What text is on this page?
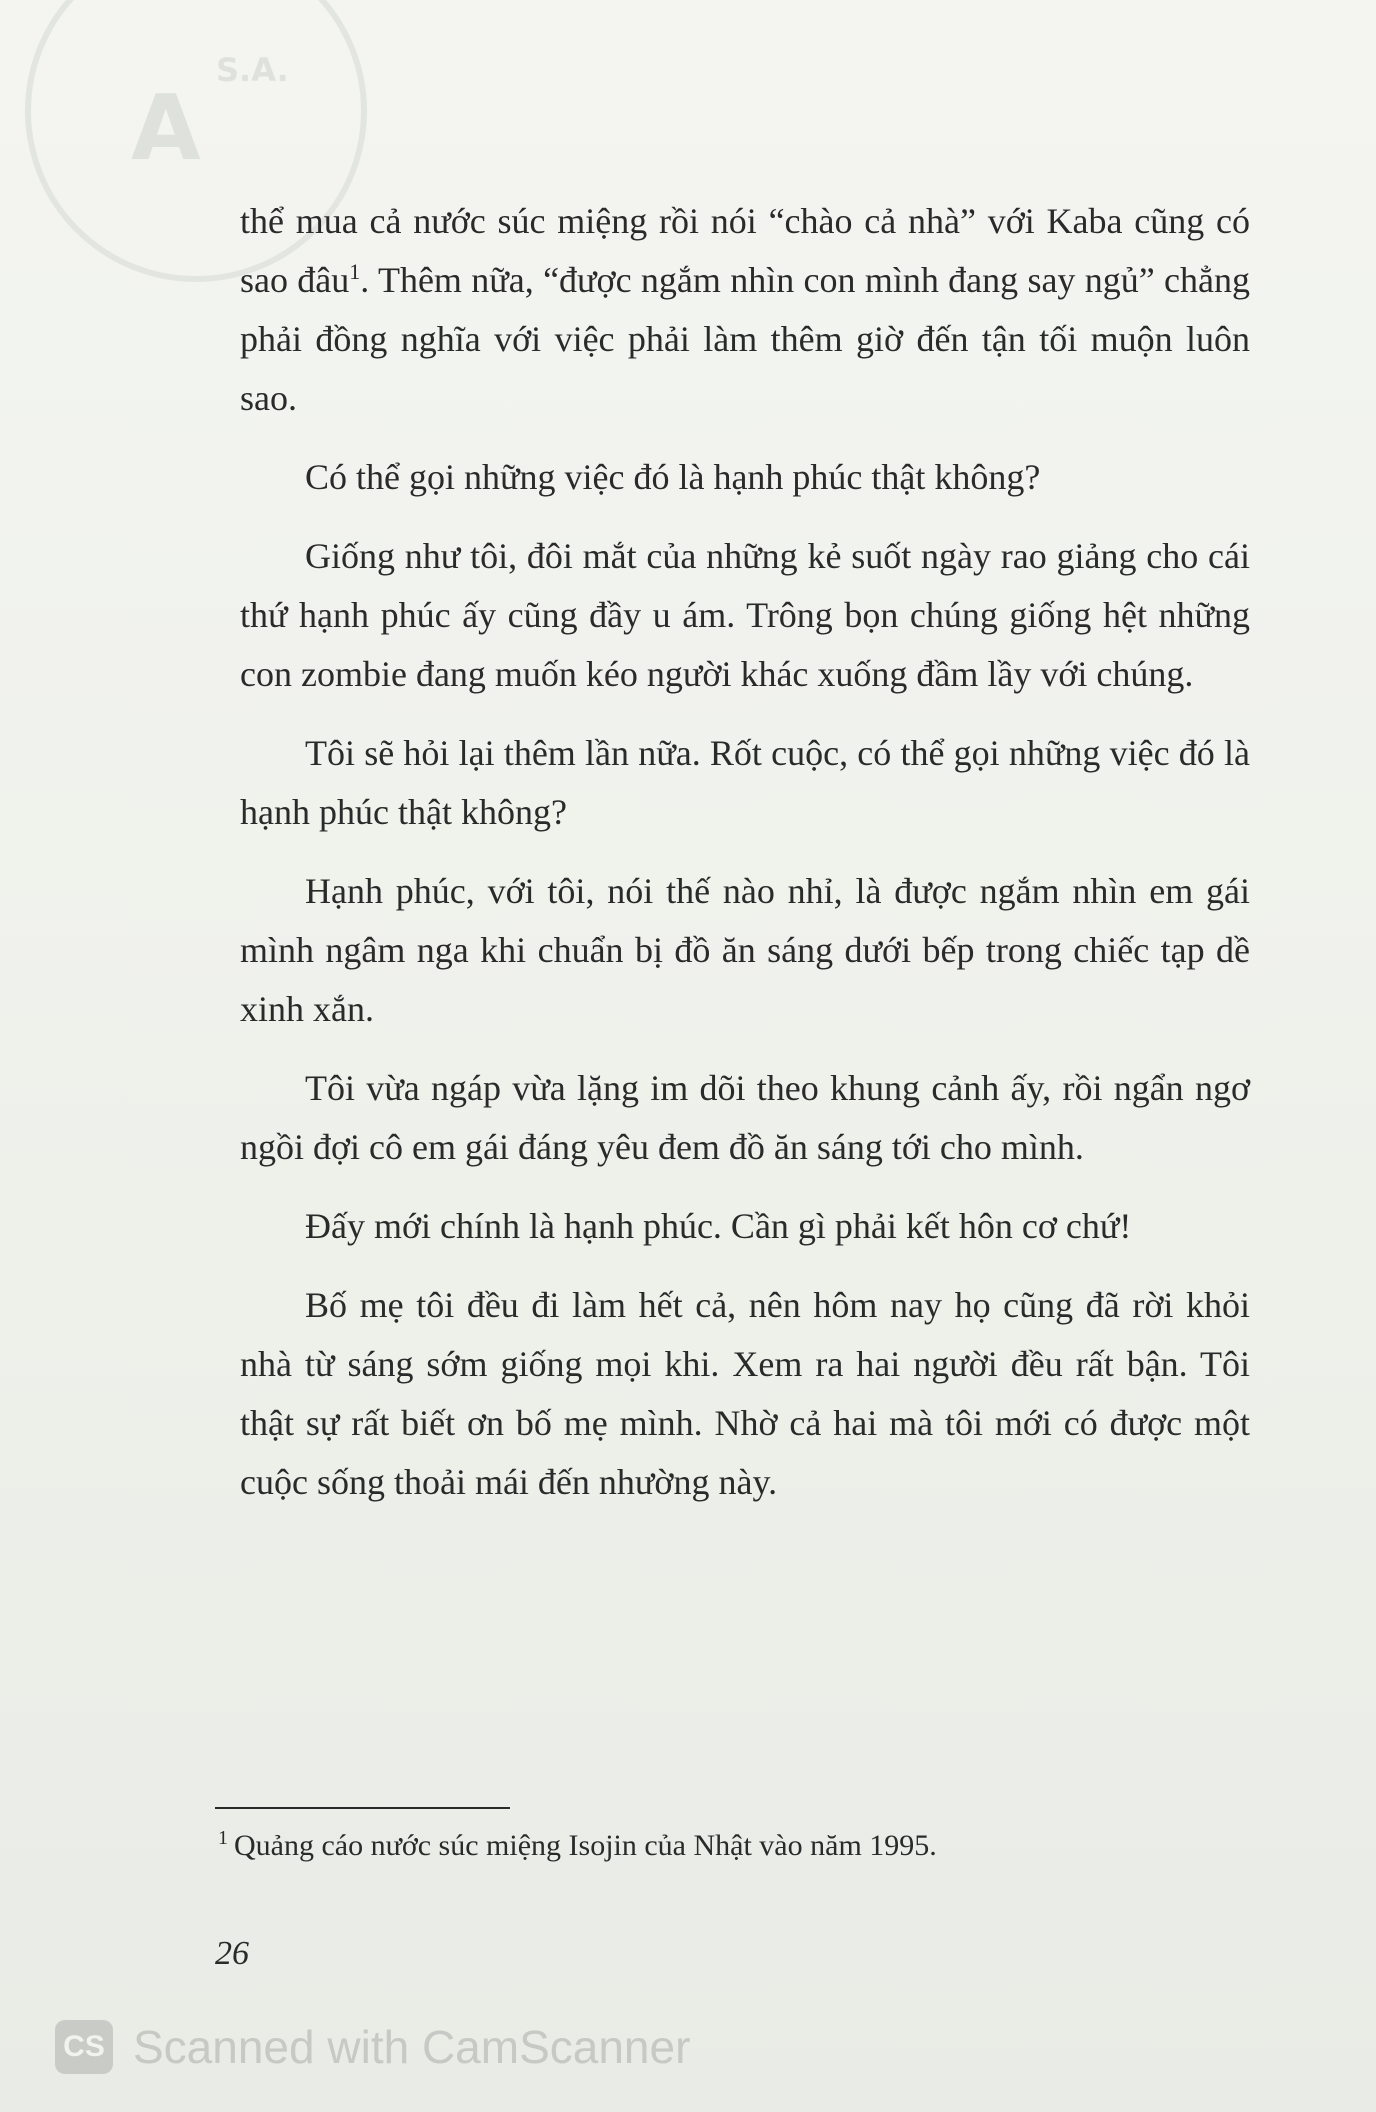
S.A.
A

thể mua cả nước súc miệng rồi nói “chào cả nhà” với Kaba cũng có sao đâu$^1$. Thêm nữa, “được ngắm nhìn con mình đang say ngủ” chẳng phải đồng nghĩa với việc phải làm thêm giờ đến tận tối muộn luôn sao.

Có thể gọi những việc đó là hạnh phúc thật không?

Giống như tôi, đôi mắt của những kẻ suốt ngày rao giảng cho cái thứ hạnh phúc ấy cũng đầy u ám. Trông bọn chúng giống hệt những con zombie đang muốn kéo người khác xuống đầm lầy với chúng.

Tôi sẽ hỏi lại thêm lần nữa. Rốt cuộc, có thể gọi những việc đó là hạnh phúc thật không?

Hạnh phúc, với tôi, nói thế nào nhỉ, là được ngắm nhìn em gái mình ngâm nga khi chuẩn bị đồ ăn sáng dưới bếp trong chiếc tạp dề xinh xắn.

Tôi vừa ngáp vừa lặng im dõi theo khung cảnh ấy, rồi ngẩn ngơ ngồi đợi cô em gái đáng yêu đem đồ ăn sáng tới cho mình.

Đấy mới chính là hạnh phúc. Cần gì phải kết hôn cơ chứ!

Bố mẹ tôi đều đi làm hết cả, nên hôm nay họ cũng đã rời khỏi nhà từ sáng sớm giống mọi khi. Xem ra hai người đều rất bận. Tôi thật sự rất biết ơn bố mẹ mình. Nhờ cả hai mà tôi mới có được một cuộc sống thoải mái đến nhường này.

$^1$ Quảng cáo nước súc miệng Isojin của Nhật vào năm 1995.
26
CS Scanned with CamScanner
